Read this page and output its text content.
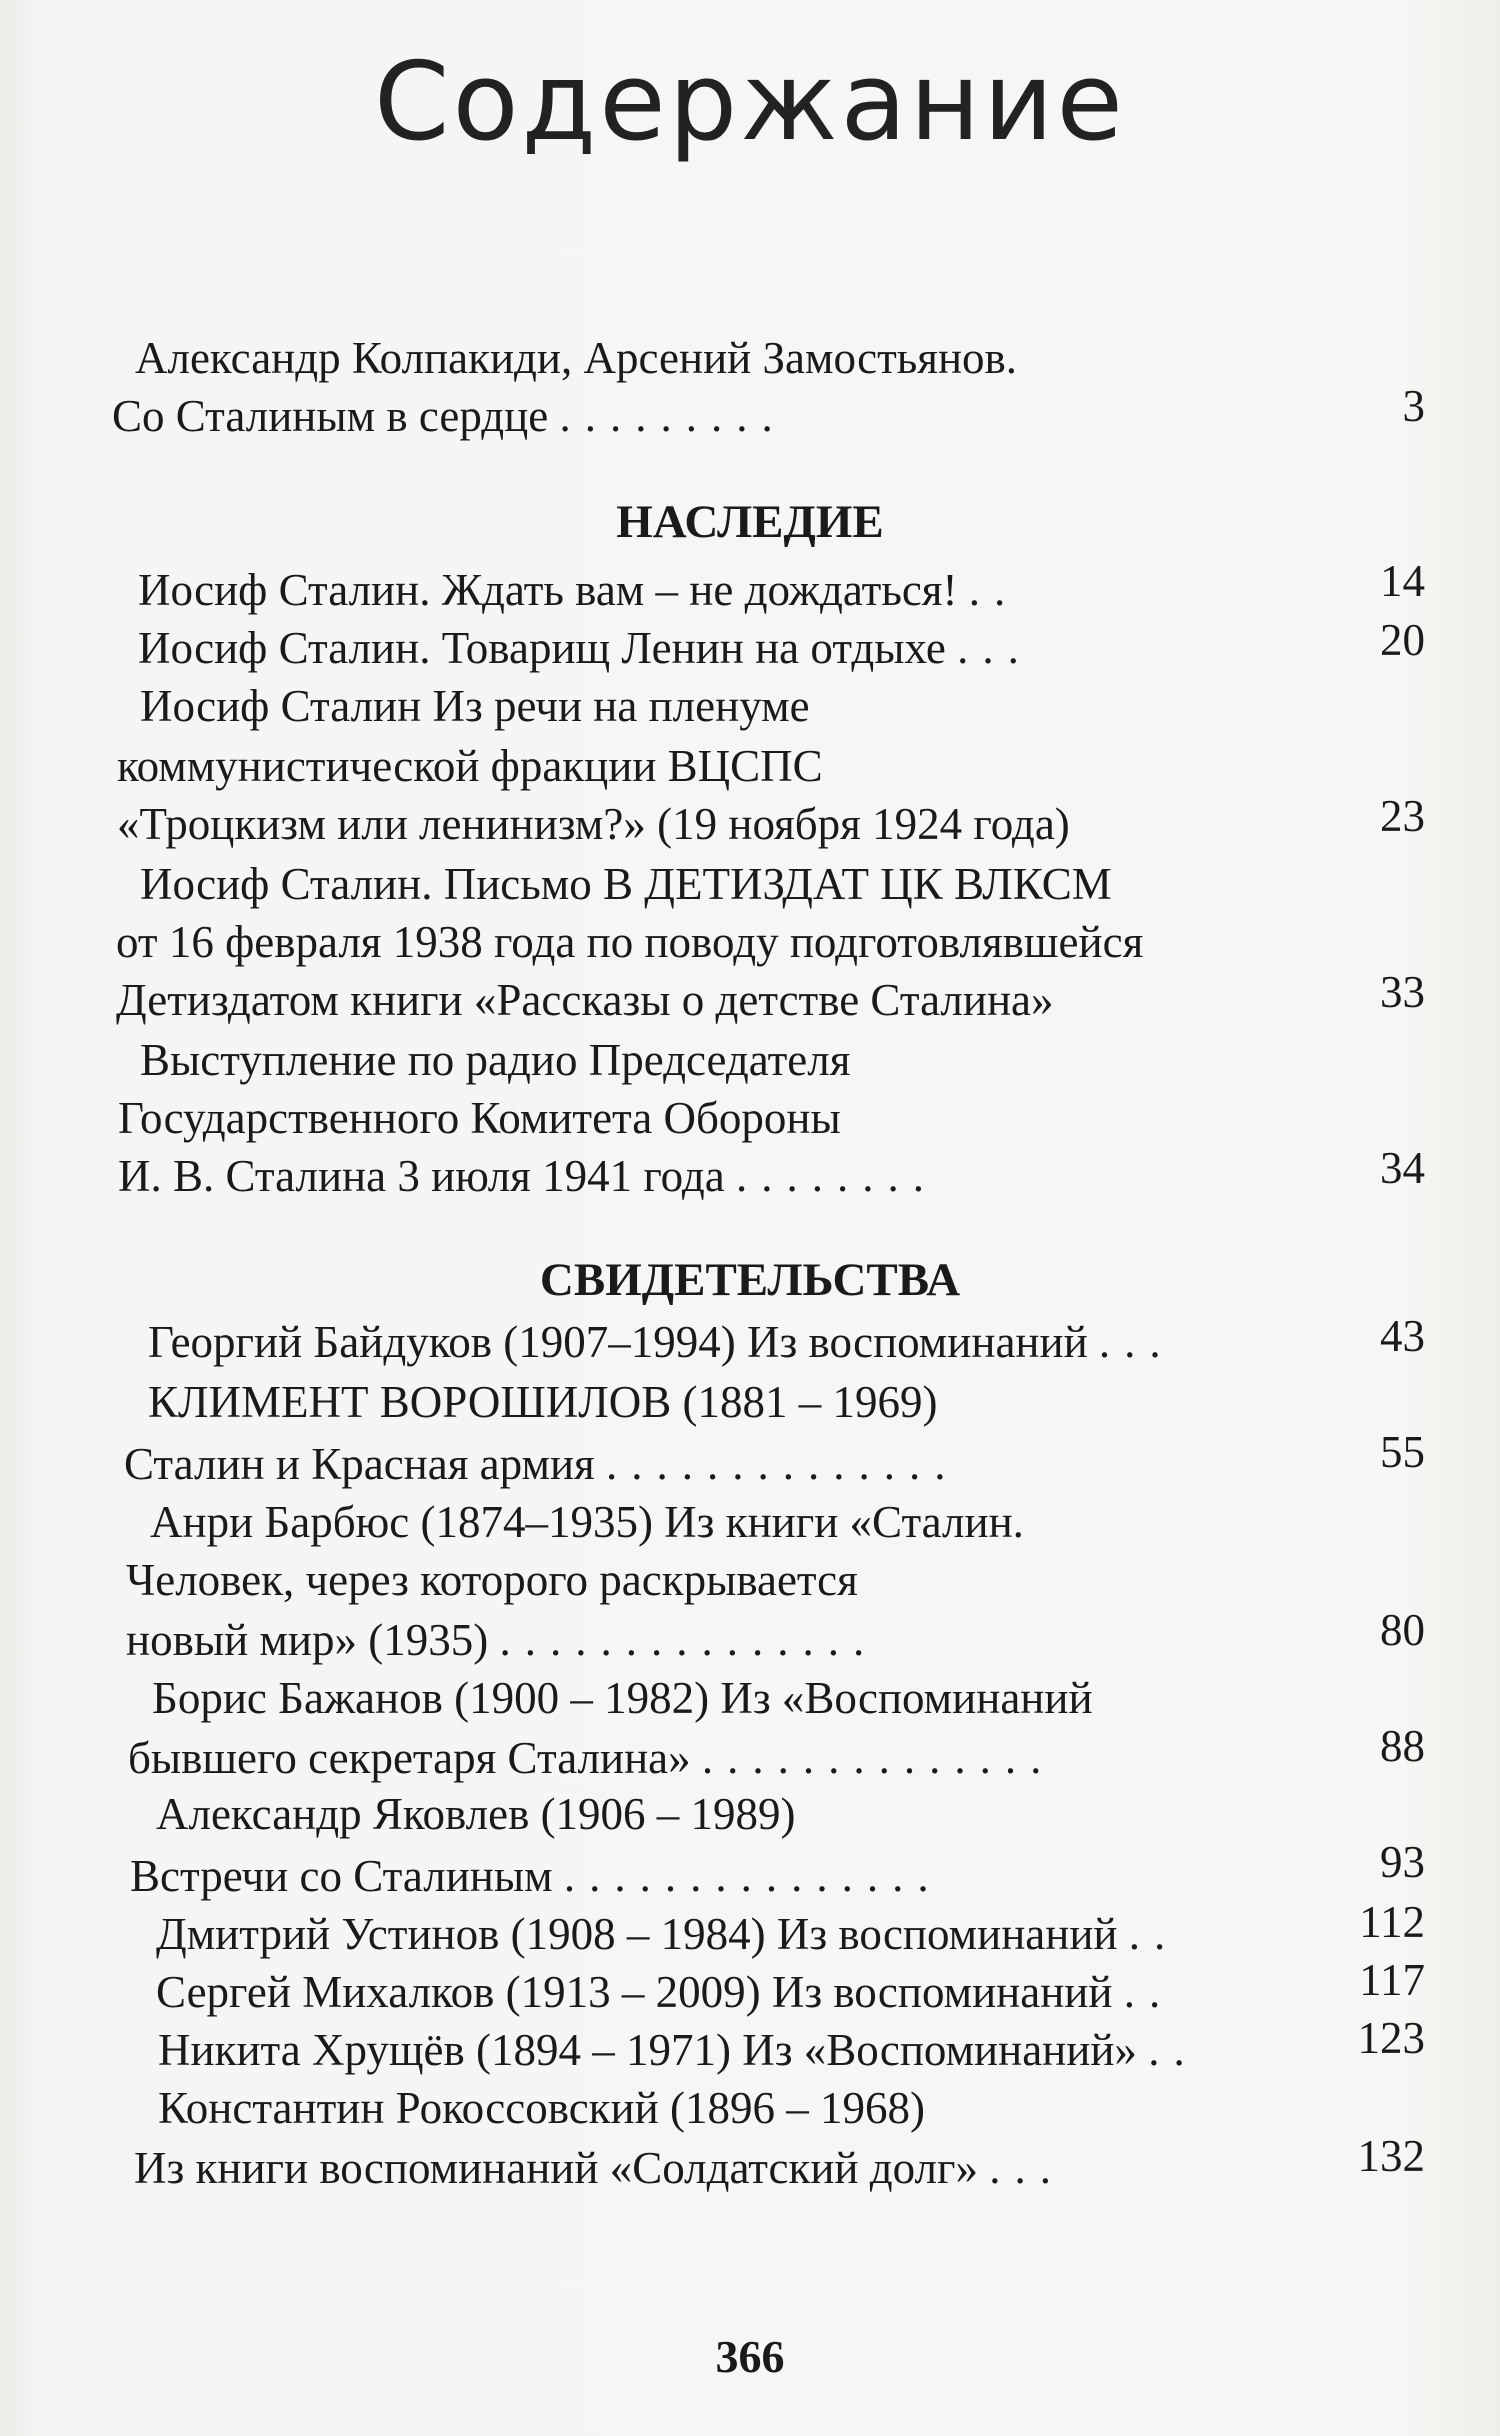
Содержание
Александр Колпакиди, Арсений Замостьянов.
Со Сталиным в сердце .........	3
НАСЛЕДИЕ
Иосиф Сталин. Ждать вам – не дождаться! ..	14
Иосиф Сталин. Товарищ Ленин на отдыхе ...	20
Иосиф Сталин Из речи на пленуме
коммунистической фракции ВЦСПС
«Троцкизм или ленинизм?» (19 ноября 1924 года)	23
Иосиф Сталин. Письмо В ДЕТИЗДАТ ЦК ВЛКСМ
от 16 февраля 1938 года по поводу подготовлявшейся
Детиздатом книги «Рассказы о детстве Сталина»	33
Выступление по радио Председателя
Государственного Комитета Обороны
И. В. Сталина 3 июля 1941 года ........	34
СВИДЕТЕЛЬСТВА
Георгий Байдуков (1907–1994) Из воспоминаний ...	43
КЛИМЕНТ ВОРОШИЛОВ (1881 – 1969)
Сталин и Красная армия ..............	55
Анри Барбюс (1874–1935) Из книги «Сталин.
Человек, через которого раскрывается
новый мир» (1935) ...............	80
Борис Бажанов (1900 – 1982) Из «Воспоминаний
бывшего секретаря Сталина» ..............	88
Александр Яковлев (1906 – 1989)
Встречи со Сталиным ...............	93
Дмитрий Устинов (1908 – 1984) Из воспоминаний ..	112
Сергей Михалков (1913 – 2009) Из воспоминаний ..	117
Никита Хрущёв (1894 – 1971) Из «Воспоминаний» ..	123
Константин Рокоссовский (1896 – 1968)
Из книги воспоминаний «Солдатский долг» ...	132
366
